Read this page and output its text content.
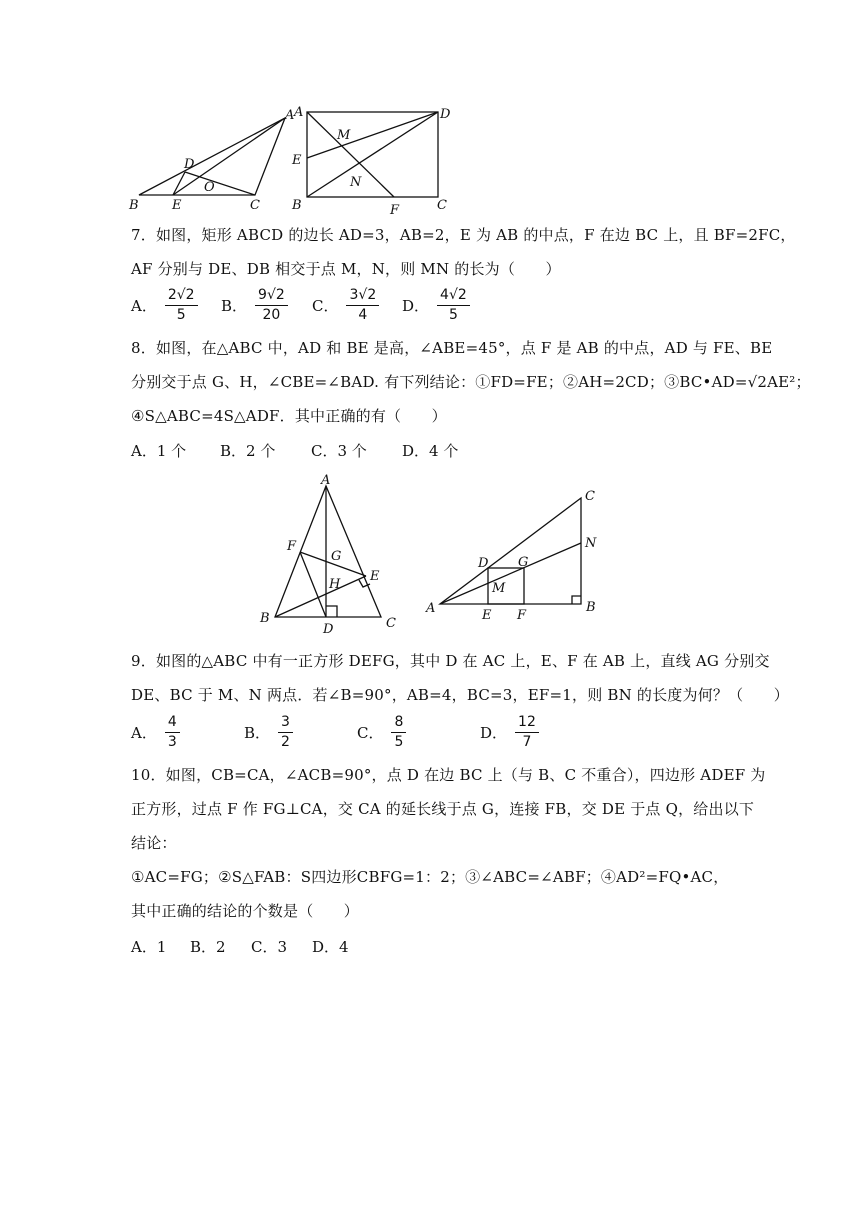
A
B	C
D
E
O
A
B	C
D
E
M
N
F
7．如图，矩形 ABCD 的边长 AD=3，AB=2，E 为 AB 的中点，F 在边 BC 上，且 BF=2FC，
AF 分别与 DE、DB 相交于点 M，N，则 MN 的长为（　　）
A． $\frac{2√2}{5}$ B． $\frac{9√2}{20}$ C． $\frac{3√2}{4}$ D． $\frac{4√2}{5}$
8．如图，在△ABC 中，AD 和 BE 是高，∠ABE=45°，点 F 是 AB 的中点，AD 与 FE、BE
分别交于点 G、H，∠CBE=∠BAD. 有下列结论：①FD=FE；②AH=2CD；③BC•AD=√2AE²；
④S△ABC=4S△ADF．其中正确的有（　　）
A．1 个 B．2 个 C．3 个 D．4 个
A
B	C
D
E
F
G
H
A	B
C
D
E F
G
M
N
9．如图的△ABC 中有一正方形 DEFG，其中 D 在 AC 上，E、F 在 AB 上，直线 AG 分别交
DE、BC 于 M、N 两点．若∠B=90°，AB=4，BC=3，EF=1，则 BN 的长度为何？（　　）
A． $\frac{4}{3}$	B． $\frac{3}{2}$	C． $\frac{8}{5}$	D． $\frac{12}{7}$
10．如图，CB=CA，∠ACB=90°，点 D 在边 BC 上（与 B、C 不重合），四边形 ADEF 为
正方形，过点 F 作 FG⊥CA，交 CA 的延长线于点 G，连接 FB，交 DE 于点 Q，给出以下
结论：
①AC=FG；②S△FAB：S四边形CBFG=1：2；③∠ABC=∠ABF；④AD²=FQ•AC，
其中正确的结论的个数是（　　）
A．1 B．2 C．3 D．4
